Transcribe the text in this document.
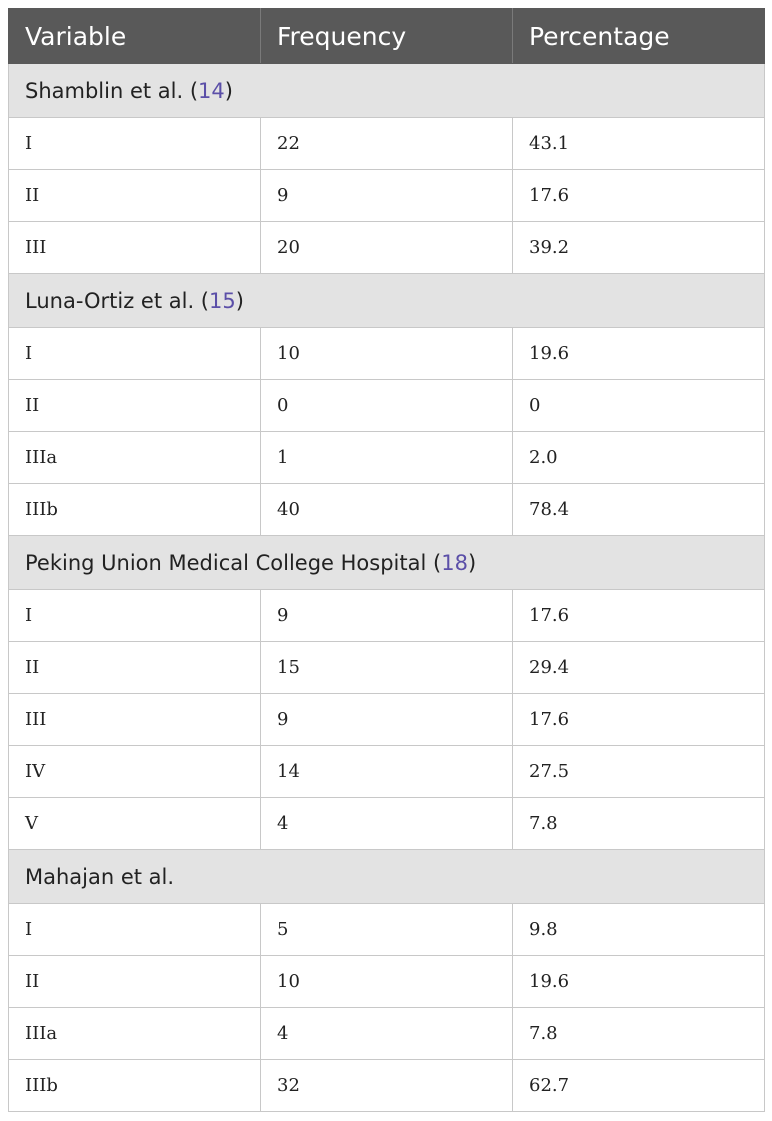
Variable	Frequency	Percentage
Shamblin et al. (14)		
I	22	43.1
II	9	17.6
III	20	39.2
Luna-Ortiz et al. (15)		
I	10	19.6
II	0	0
IIIa	1	2.0
IIIb	40	78.4
Peking Union Medical College Hospital (18)		
I	9	17.6
II	15	29.4
III	9	17.6
IV	14	27.5
V	4	7.8
Mahajan et al.		
I	5	9.8
II	10	19.6
IIIa	4	7.8
IIIb	32	62.7
